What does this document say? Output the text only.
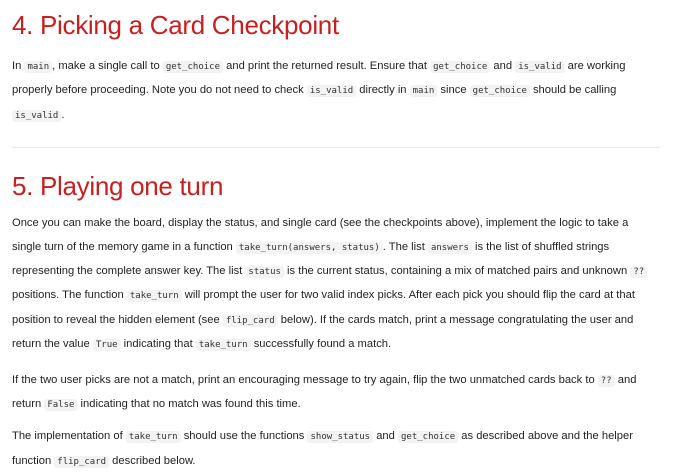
4. Picking a Card Checkpoint

In main , make a single call to get_choice and print the returned result. Ensure that get_choice and is_valid are working properly before proceeding. Note you do not need to check is_valid directly in main since get_choice should be calling is_valid .

5. Playing one turn

Once you can make the board, display the status, and single card (see the checkpoints above), implement the logic to take a single turn of the memory game in a function take_turn(answers, status) . The list answers is the list of shuffled strings representing the complete answer key. The list status is the current status, containing a mix of matched pairs and unknown ?? positions. The function take_turn will prompt the user for two valid index picks. After each pick you should flip the card at that position to reveal the hidden element (see flip_card below). If the cards match, print a message congratulating the user and return the value True indicating that take_turn successfully found a match.

If the two user picks are not a match, print an encouraging message to try again, flip the two unmatched cards back to ?? and return False indicating that no match was found this time.

The implementation of take_turn should use the functions show_status and get_choice as described above and the helper function flip_card described below.
